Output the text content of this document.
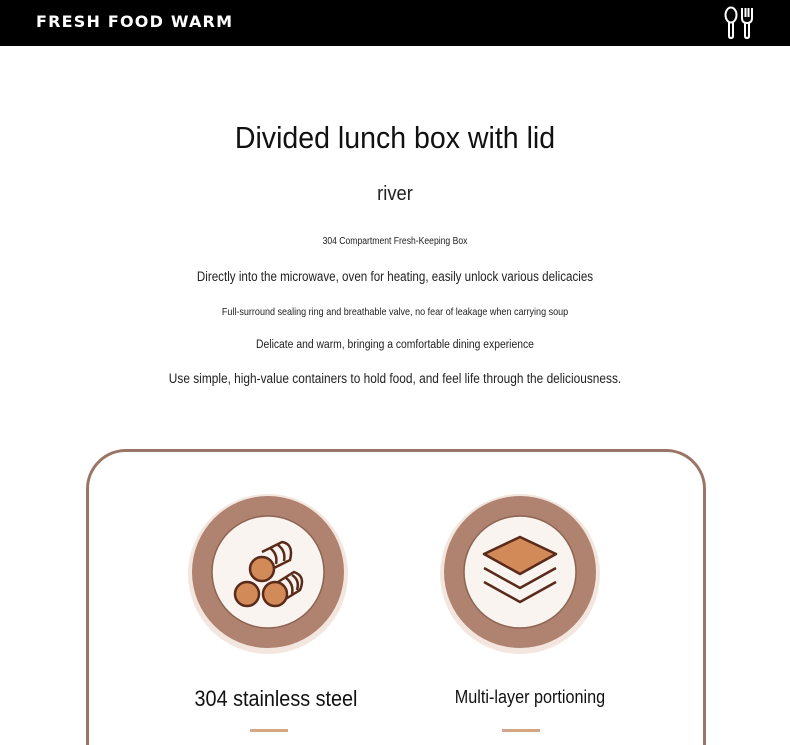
FRESH FOOD WARM
Divided lunch box with lid
river
304 Compartment Fresh-Keeping Box
Directly into the microwave, oven for heating, easily unlock various delicacies
Full-surround sealing ring and breathable valve, no fear of leakage when carrying soup
Delicate and warm, bringing a comfortable dining experience
Use simple, high-value containers to hold food, and feel life through the deliciousness.
304 stainless steel	Multi-layer portioning
